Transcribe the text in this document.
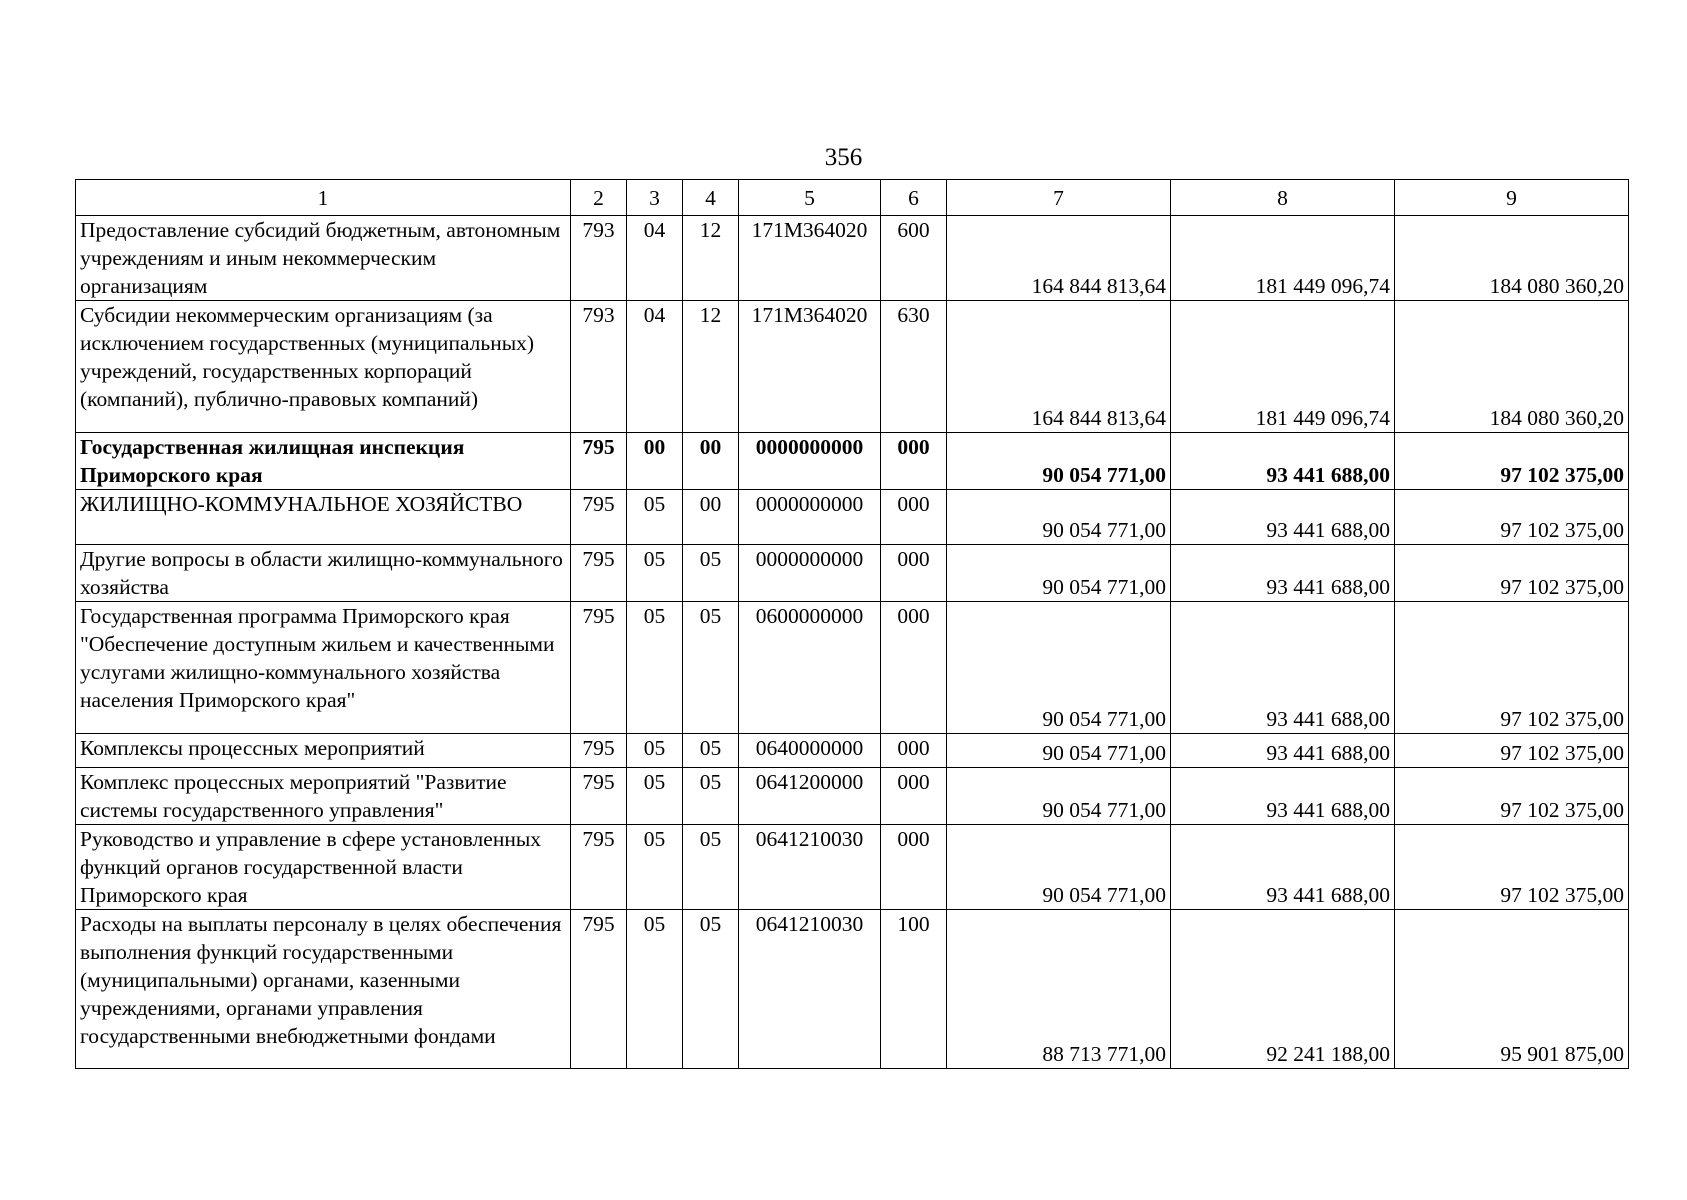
356
1	2	3	4	5	6	7	8	9
Предоставление субсидий бюджетным, автономным учреждениям и иным некоммерческим организациям	793	04	12	171М364020	600	164 844 813,64	181 449 096,74	184 080 360,20
Субсидии некоммерческим организациям (за исключением государственных (муниципальных) учреждений, государственных корпораций (компаний), публично-правовых компаний)	793	04	12	171М364020	630	164 844 813,64	181 449 096,74	184 080 360,20
Государственная жилищная инспекция Приморского края	795	00	00	0000000000	000	90 054 771,00	93 441 688,00	97 102 375,00
ЖИЛИЩНО-КОММУНАЛЬНОЕ ХОЗЯЙСТВО	795	05	00	0000000000	000	90 054 771,00	93 441 688,00	97 102 375,00
Другие вопросы в области жилищно-коммунального хозяйства	795	05	05	0000000000	000	90 054 771,00	93 441 688,00	97 102 375,00
Государственная программа Приморского края "Обеспечение доступным жильем и качественными услугами жилищно-коммунального хозяйства населения Приморского края"	795	05	05	0600000000	000	90 054 771,00	93 441 688,00	97 102 375,00
Комплексы процессных мероприятий	795	05	05	0640000000	000	90 054 771,00	93 441 688,00	97 102 375,00
Комплекс процессных мероприятий "Развитие системы государственного управления"	795	05	05	0641200000	000	90 054 771,00	93 441 688,00	97 102 375,00
Руководство и управление в сфере установленных функций органов государственной власти Приморского края	795	05	05	0641210030	000	90 054 771,00	93 441 688,00	97 102 375,00
Расходы на выплаты персоналу в целях обеспечения выполнения функций государственными (муниципальными) органами, казенными учреждениями, органами управления государственными внебюджетными фондами	795	05	05	0641210030	100	88 713 771,00	92 241 188,00	95 901 875,00
